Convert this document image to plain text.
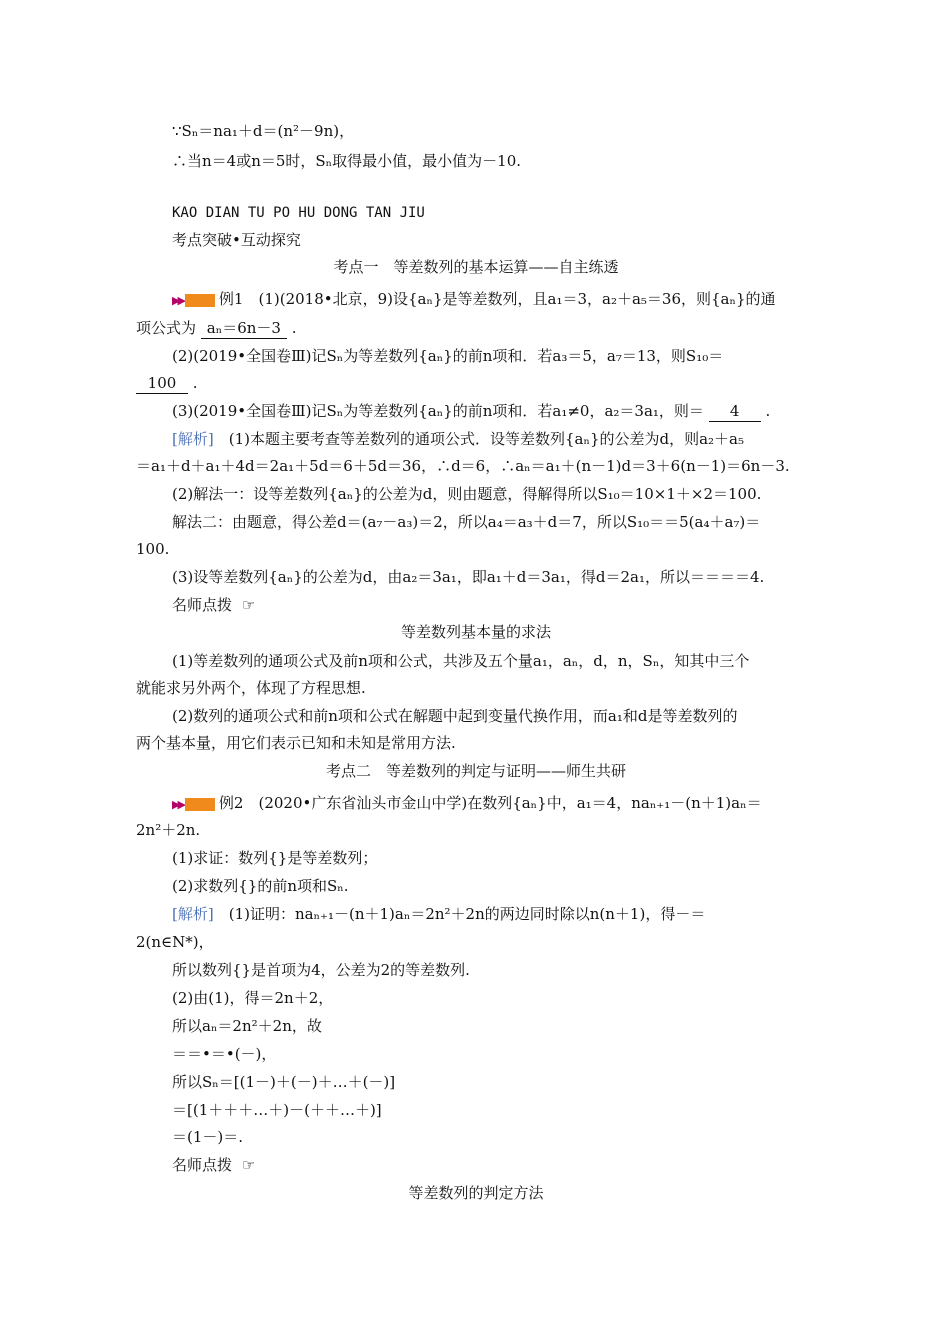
∵Sₙ＝na₁＋d＝(n²－9n)，
∴当n＝4或n＝5时，Sₙ取得最小值，最小值为－10.
KAO DIAN TU PO HU DONG TAN JIU
考点突破•互动探究
考点一　等差数列的基本运算——自主练透
▶▶ 例1　(1)(2018•北京，9)设{aₙ}是等差数列，且a₁＝3，a₂＋a₅＝36，则{aₙ}的通
项公式为 aₙ＝6n－3 .
(2)(2019•全国卷Ⅲ)记Sₙ为等差数列{aₙ}的前n项和．若a₃＝5，a₇＝13，则S₁₀＝
100 .
(3)(2019•全国卷Ⅲ)记Sₙ为等差数列{aₙ}的前n项和．若a₁≠0，a₂＝3a₁，则＝ 4 .
[解析]　(1)本题主要考查等差数列的通项公式．设等差数列{aₙ}的公差为d，则a₂＋a₅
＝a₁＋d＋a₁＋4d＝2a₁＋5d＝6＋5d＝36，∴d＝6，∴aₙ＝a₁＋(n－1)d＝3＋6(n－1)＝6n－3.
(2)解法一：设等差数列{aₙ}的公差为d，则由题意，得解得所以S₁₀＝10×1＋×2＝100.
解法二：由题意，得公差d＝(a₇－a₃)＝2，所以a₄＝a₃＋d＝7，所以S₁₀＝＝5(a₄＋a₇)＝
100.
(3)设等差数列{aₙ}的公差为d，由a₂＝3a₁，即a₁＋d＝3a₁，得d＝2a₁，所以＝＝＝＝4.
名师点拨 ☞
等差数列基本量的求法
(1)等差数列的通项公式及前n项和公式，共涉及五个量a₁，aₙ，d，n，Sₙ，知其中三个
就能求另外两个，体现了方程思想.
(2)数列的通项公式和前n项和公式在解题中起到变量代换作用，而a₁和d是等差数列的
两个基本量，用它们表示已知和未知是常用方法.
考点二　等差数列的判定与证明——师生共研
▶▶ 例2　(2020•广东省汕头市金山中学)在数列{aₙ}中，a₁＝4，naₙ₊₁－(n＋1)aₙ＝
2n²＋2n.
(1)求证：数列{}是等差数列；
(2)求数列{}的前n项和Sₙ.
[解析]　(1)证明：naₙ₊₁－(n＋1)aₙ＝2n²＋2n的两边同时除以n(n＋1)，得－＝
2(n∈N*)，
所以数列{}是首项为4，公差为2的等差数列.
(2)由(1)，得＝2n＋2，
所以aₙ＝2n²＋2n，故
＝＝•＝•(－)，
所以Sₙ＝[(1－)＋(－)＋…＋(－)]
＝[(1＋＋＋…＋)－(＋＋…＋)]
＝(1－)＝.
名师点拨 ☞
等差数列的判定方法
